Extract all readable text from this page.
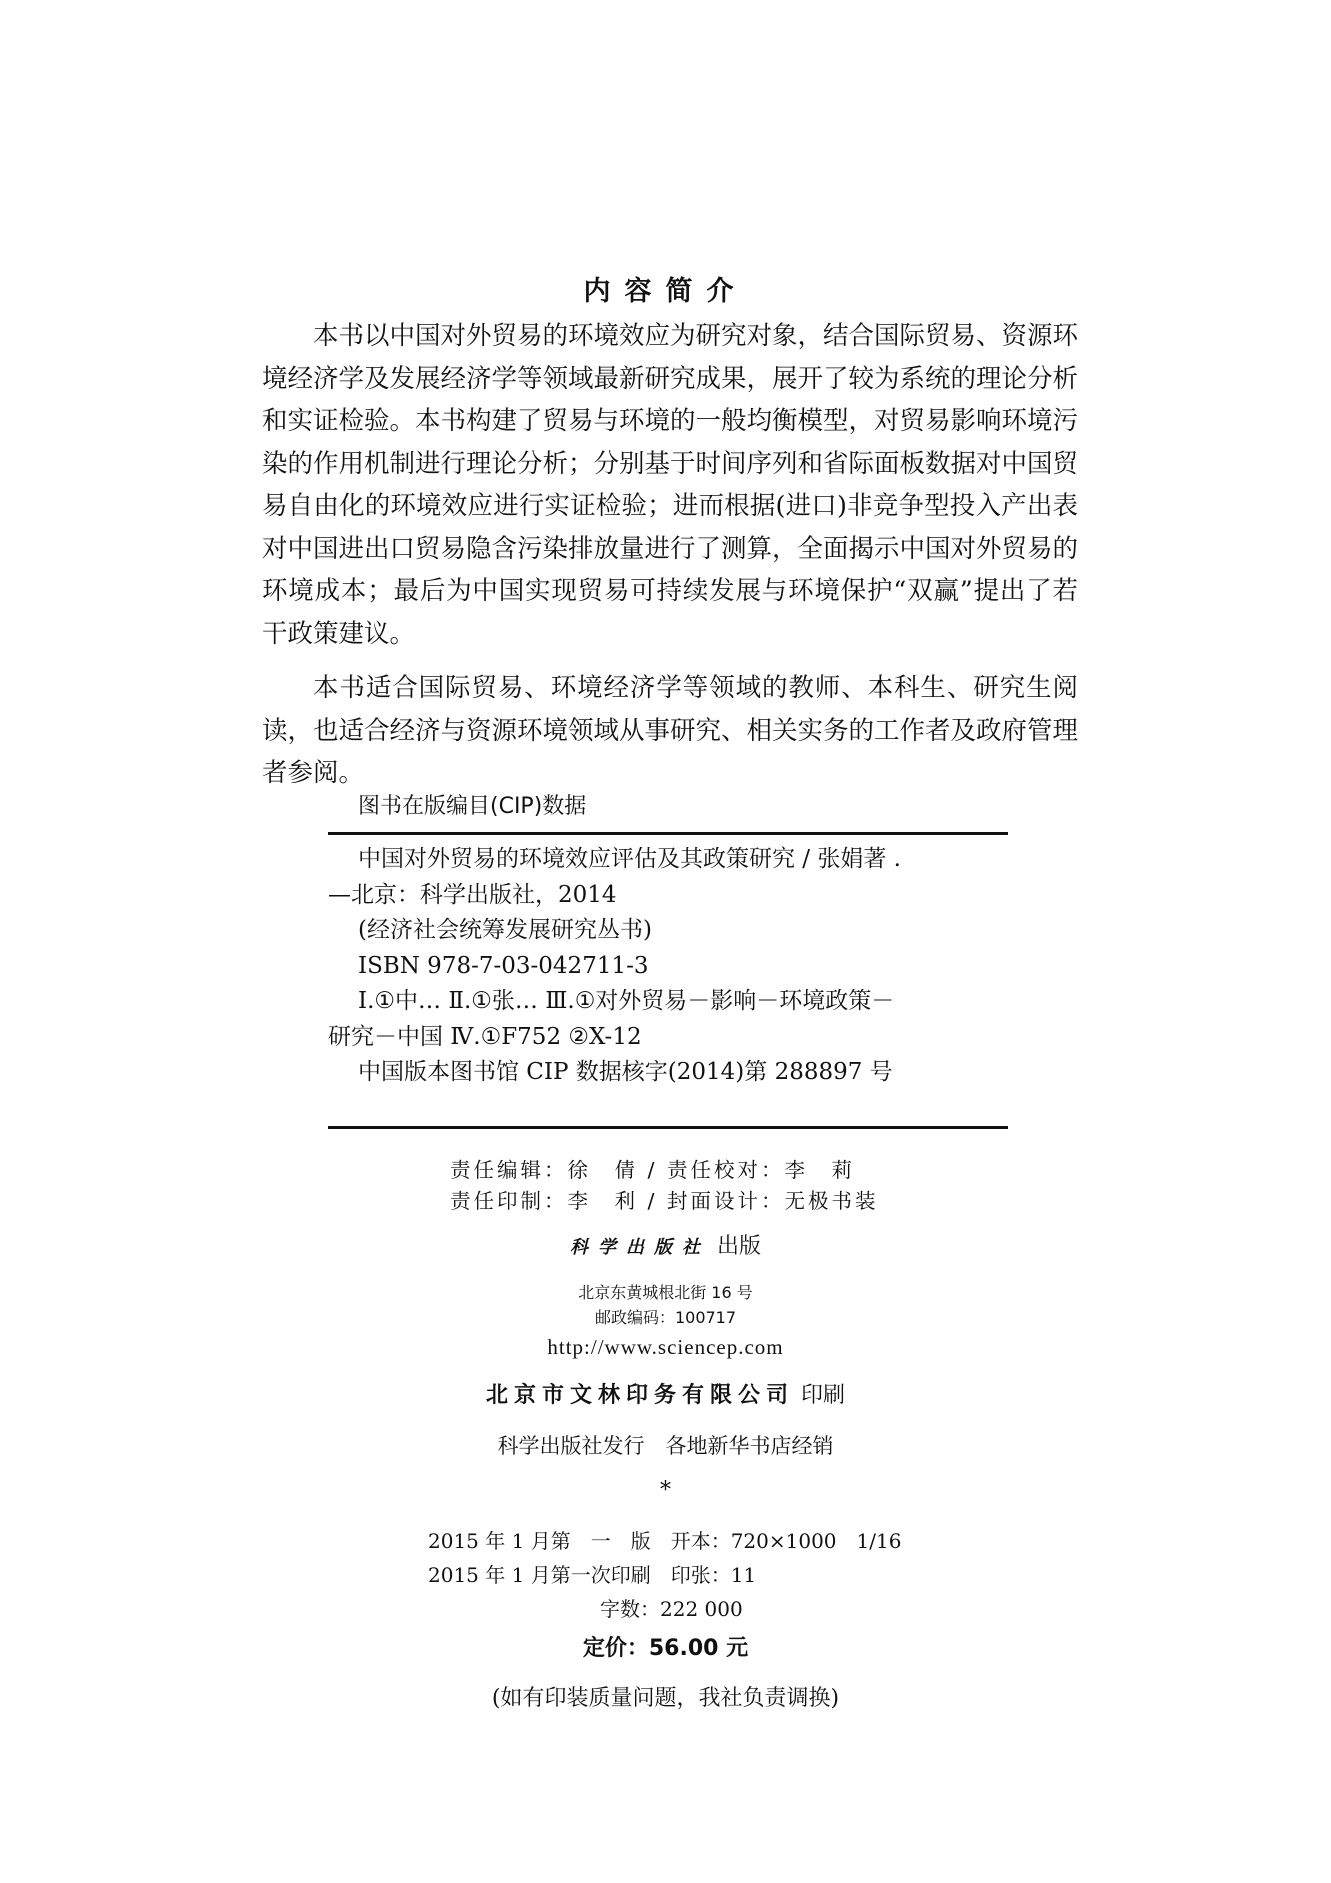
内容简介

本书以中国对外贸易的环境效应为研究对象，结合国际贸易、资源环境经济学及发展经济学等领域最新研究成果，展开了较为系统的理论分析和实证检验。本书构建了贸易与环境的一般均衡模型，对贸易影响环境污染的作用机制进行理论分析；分别基于时间序列和省际面板数据对中国贸易自由化的环境效应进行实证检验；进而根据(进口)非竞争型投入产出表对中国进出口贸易隐含污染排放量进行了测算，全面揭示中国对外贸易的环境成本；最后为中国实现贸易可持续发展与环境保护“双赢”提出了若干政策建议。

本书适合国际贸易、环境经济学等领域的教师、本科生、研究生阅读，也适合经济与资源环境领域从事研究、相关实务的工作者及政府管理者参阅。

图书在版编目(CIP)数据
中国对外贸易的环境效应评估及其政策研究 / 张娟著 .
—北京：科学出版社，2014
(经济社会统筹发展研究丛书)
ISBN 978-7-03-042711-3
Ⅰ.①中… Ⅱ.①张… Ⅲ.①对外贸易－影响－环境政策－
研究－中国 Ⅳ.①F752 ②X-12
中国版本图书馆 CIP 数据核字(2014)第 288897 号
责任编辑：徐　倩 / 责任校对：李　莉
责任印制：李　利 / 封面设计：无极书装
科学出版社 出版
北京东黄城根北街 16 号
邮政编码：100717
http://www.sciencep.com
北京市文林印务有限公司 印刷
科学出版社发行　各地新华书店经销
*
2015 年 1 月第　一　版　开本：720×1000　1/16
2015 年 1 月第一次印刷　印张：11
字数：222 000
定价：56.00 元
(如有印装质量问题，我社负责调换)
